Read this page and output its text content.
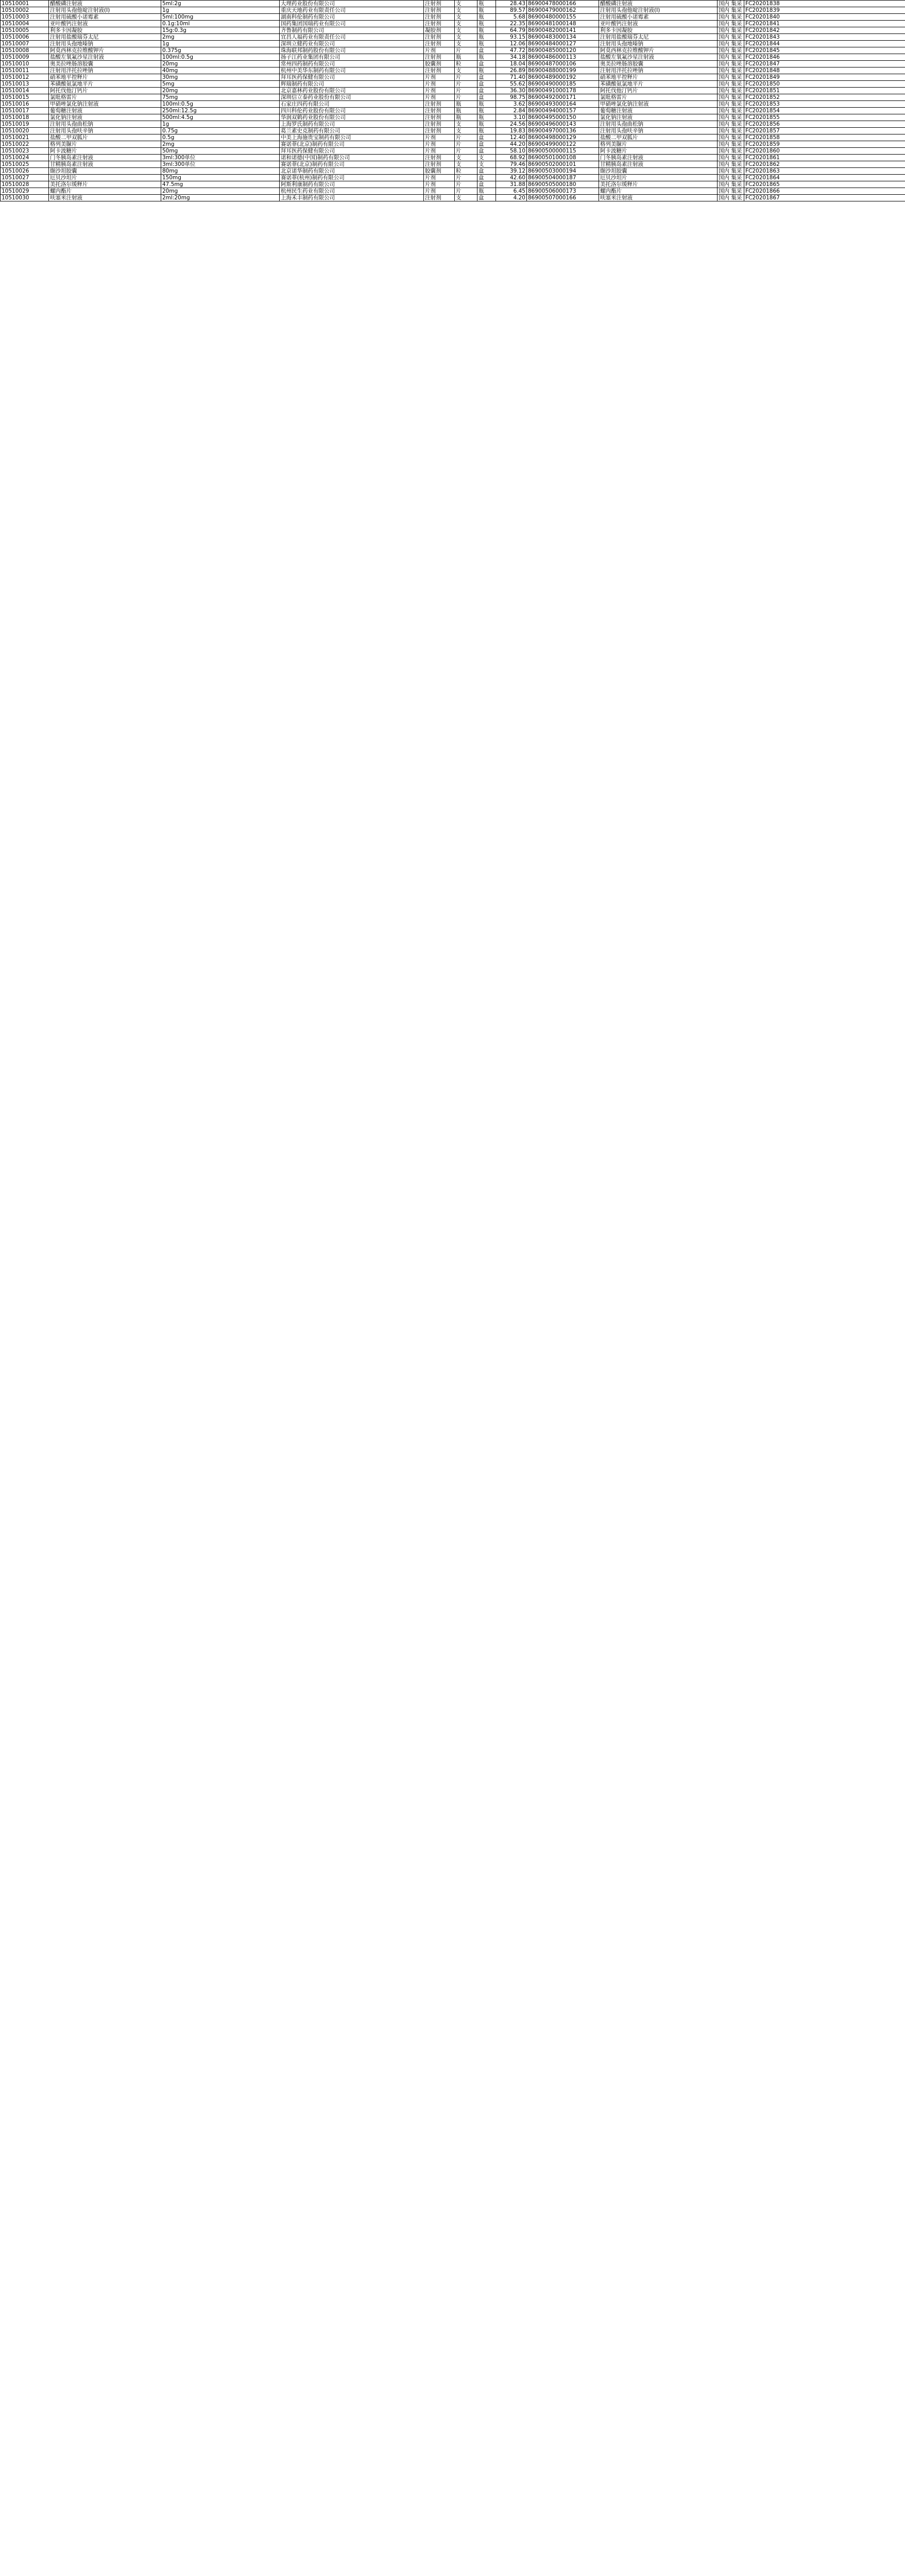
10510001	醋酸磷注射液	5ml:2g	大理药业股份有限公司	注射剂	支	瓶	28.43	86900478000166	醋酸磷注射液	国内 集采	FC20201838
10510002	注射用头孢他啶注射液(Ⅰ)	1g	重庆天地药业有限责任公司	注射剂	支	瓶	89.57	86900479000162	注射用头孢他啶注射液(Ⅰ)	国内 集采	FC20201839
10510003	注射用硫酸小诺霉素	5ml:100mg	湖南科伦制药有限公司	注射剂	支	瓶	5.68	86900480000155	注射用硫酸小诺霉素	国内 集采	FC20201840
10510004	亚叶酸钙注射液	0.1g:10ml	国药集团国瑞药业有限公司	注射剂	支	瓶	22.35	86900481000148	亚叶酸钙注射液	国内 集采	FC20201841
10510005	利多卡因凝胶	15g:0.3g	齐鲁制药有限公司	凝胶剂	支	瓶	64.79	86900482000141	利多卡因凝胶	国内 集采	FC20201842
10510006	注射用盐酸瑞芬太尼	2mg	宜昌人福药业有限责任公司	注射剂	支	瓶	93.15	86900483000134	注射用盐酸瑞芬太尼	国内 集采	FC20201843
10510007	注射用头孢地嗪钠	1g	深圳立健药业有限公司	注射剂	支	瓶	12.06	86900484000127	注射用头孢地嗪钠	国内 集采	FC20201844
10510008	阿莫西林克拉维酸钾片	0.375g	珠海联邦制药股份有限公司	片剂	片	盒	47.72	86900485000120	阿莫西林克拉维酸钾片	国内 集采	FC20201845
10510009	盐酸左氧氟沙星注射液	100ml:0.5g	扬子江药业集团有限公司	注射剂	瓶	瓶	34.18	86900486000113	盐酸左氧氟沙星注射液	国内 集采	FC20201846
10510010	奥美拉唑肠溶胶囊	20mg	常州四药制药有限公司	胶囊剂	粒	盒	18.04	86900487000106	奥美拉唑肠溶胶囊	国内 集采	FC20201847
10510011	注射用泮托拉唑钠	40mg	杭州中美华东制药有限公司	注射剂	支	瓶	26.89	86900488000199	注射用泮托拉唑钠	国内 集采	FC20201848
10510012	硝苯地平控释片	30mg	拜耳医药保健有限公司	片剂	片	盒	71.40	86900489000192	硝苯地平控释片	国内 集采	FC20201849
10510013	苯磺酸氨氯地平片	5mg	辉瑞制药有限公司	片剂	片	盒	55.62	86900490000185	苯磺酸氨氯地平片	国内 集采	FC20201850
10510014	阿托伐他汀钙片	20mg	北京嘉林药业股份有限公司	片剂	片	盒	36.30	86900491000178	阿托伐他汀钙片	国内 集采	FC20201851
10510015	氯吡格雷片	75mg	深圳信立泰药业股份有限公司	片剂	片	盒	98.75	86900492000171	氯吡格雷片	国内 集采	FC20201852
10510016	甲硝唑氯化钠注射液	100ml:0.5g	石家庄四药有限公司	注射剂	瓶	瓶	3.62	86900493000164	甲硝唑氯化钠注射液	国内 集采	FC20201853
10510017	葡萄糖注射液	250ml:12.5g	四川科伦药业股份有限公司	注射剂	瓶	瓶	2.84	86900494000157	葡萄糖注射液	国内 集采	FC20201854
10510018	氯化钠注射液	500ml:4.5g	华润双鹤药业股份有限公司	注射剂	瓶	瓶	3.10	86900495000150	氯化钠注射液	国内 集采	FC20201855
10510019	注射用头孢曲松钠	1g	上海罗氏制药有限公司	注射剂	支	瓶	24.56	86900496000143	注射用头孢曲松钠	国内 集采	FC20201856
10510020	注射用头孢呋辛钠	0.75g	葛兰素史克制药有限公司	注射剂	支	瓶	19.83	86900497000136	注射用头孢呋辛钠	国内 集采	FC20201857
10510021	盐酸二甲双胍片	0.5g	中美上海施贵宝制药有限公司	片剂	片	盒	12.40	86900498000129	盐酸二甲双胍片	国内 集采	FC20201858
10510022	格列美脲片	2mg	赛诺菲(北京)制药有限公司	片剂	片	盒	44.20	86900499000122	格列美脲片	国内 集采	FC20201859
10510023	阿卡波糖片	50mg	拜耳医药保健有限公司	片剂	片	盒	58.10	86900500000115	阿卡波糖片	国内 集采	FC20201860
10510024	门冬胰岛素注射液	3ml:300单位	诺和诺德(中国)制药有限公司	注射剂	支	支	68.92	86900501000108	门冬胰岛素注射液	国内 集采	FC20201861
10510025	甘精胰岛素注射液	3ml:300单位	赛诺菲(北京)制药有限公司	注射剂	支	支	79.46	86900502000101	甘精胰岛素注射液	国内 集采	FC20201862
10510026	缬沙坦胶囊	80mg	北京诺华制药有限公司	胶囊剂	粒	盒	39.12	86900503000194	缬沙坦胶囊	国内 集采	FC20201863
10510027	厄贝沙坦片	150mg	赛诺菲(杭州)制药有限公司	片剂	片	盒	42.60	86900504000187	厄贝沙坦片	国内 集采	FC20201864
10510028	美托洛尔缓释片	47.5mg	阿斯利康制药有限公司	片剂	片	盒	31.88	86900505000180	美托洛尔缓释片	国内 集采	FC20201865
10510029	螺内酯片	20mg	杭州民生药业有限公司	片剂	片	瓶	6.45	86900506000173	螺内酯片	国内 集采	FC20201866
10510030	呋塞米注射液	2ml:20mg	上海禾丰制药有限公司	注射剂	支	盒	4.20	86900507000166	呋塞米注射液	国内 集采	FC20201867
